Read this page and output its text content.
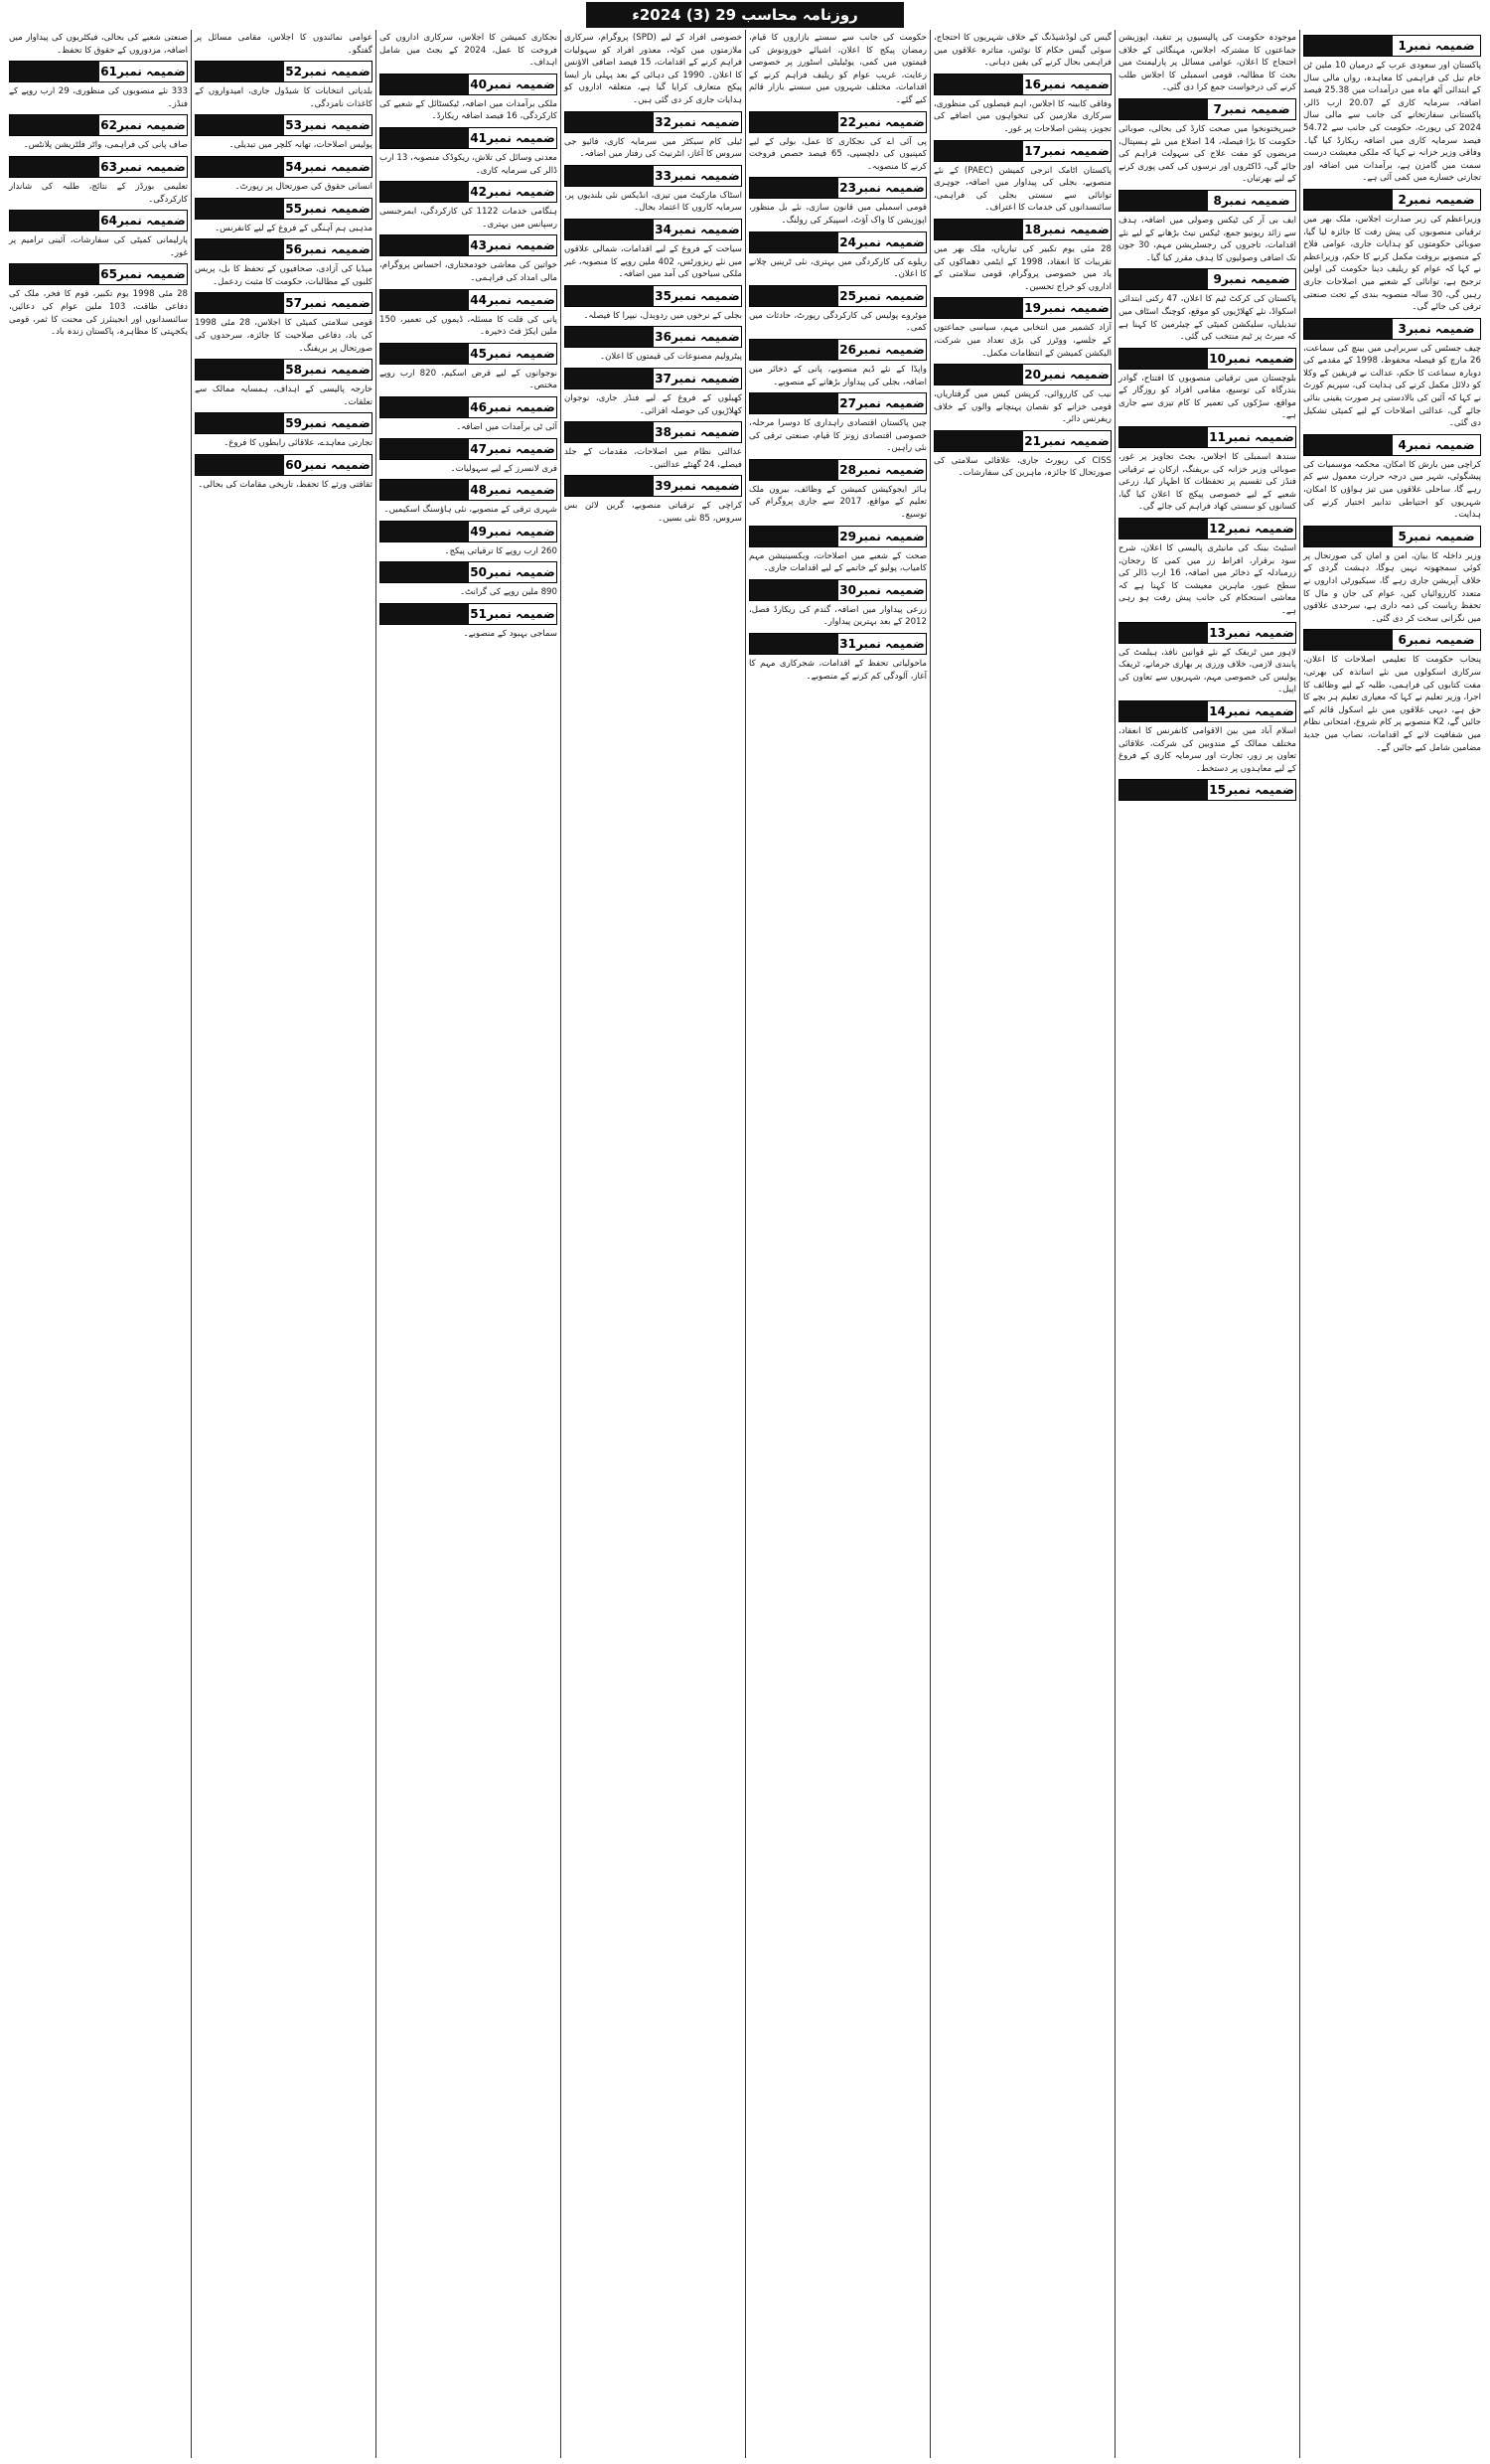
روزنامہ محاسب 29 (3) 2024ء
ضمیمہ نمبر1
پاکستان اور سعودی عرب کے درمیان 10 ملین ٹن خام تیل کی فراہمی کا معاہدہ، رواں مالی سال کے ابتدائی آٹھ ماہ میں درآمدات میں 25.38 فیصد اضافہ، سرمایہ کاری کے 20.07 ارب ڈالر، پاکستانی سفارتخانے کی جانب سے مالی سال 2024 کی رپورٹ، حکومت کی جانب سے 54.72 فیصد سرمایہ کاری میں اضافہ ریکارڈ کیا گیا۔ وفاقی وزیر خزانہ نے کہا کہ ملکی معیشت درست سمت میں گامزن ہے، برآمدات میں اضافہ اور تجارتی خسارے میں کمی آئی ہے۔
ضمیمہ نمبر2
وزیراعظم کی زیر صدارت اجلاس، ملک بھر میں ترقیاتی منصوبوں کی پیش رفت کا جائزہ لیا گیا، صوبائی حکومتوں کو ہدایات جاری، عوامی فلاح کے منصوبے بروقت مکمل کرنے کا حکم، وزیراعظم نے کہا کہ عوام کو ریلیف دینا حکومت کی اولین ترجیح ہے، توانائی کے شعبے میں اصلاحات جاری رہیں گی، 30 سالہ منصوبہ بندی کے تحت صنعتی ترقی کی جائے گی۔
ضمیمہ نمبر3
چیف جسٹس کی سربراہی میں بینچ کی سماعت، 26 مارچ کو فیصلہ محفوظ، 1998 کے مقدمے کی دوبارہ سماعت کا حکم، عدالت نے فریقین کے وکلا کو دلائل مکمل کرنے کی ہدایت کی، سپریم کورٹ نے کہا کہ آئین کی بالادستی ہر صورت یقینی بنائی جائے گی، عدالتی اصلاحات کے لیے کمیٹی تشکیل دی گئی۔
ضمیمہ نمبر4
کراچی میں بارش کا امکان، محکمہ موسمیات کی پیشگوئی، شہر میں درجہ حرارت معمول سے کم رہے گا، ساحلی علاقوں میں تیز ہواؤں کا امکان، شہریوں کو احتیاطی تدابیر اختیار کرنے کی ہدایت۔
ضمیمہ نمبر5
وزیر داخلہ کا بیان، امن و امان کی صورتحال پر کوئی سمجھوتہ نہیں ہوگا، دہشت گردی کے خلاف آپریشن جاری رہے گا، سیکیورٹی اداروں نے متعدد کارروائیاں کیں، عوام کی جان و مال کا تحفظ ریاست کی ذمہ داری ہے، سرحدی علاقوں میں نگرانی سخت کر دی گئی۔
ضمیمہ نمبر6
پنجاب حکومت کا تعلیمی اصلاحات کا اعلان، سرکاری اسکولوں میں نئے اساتذہ کی بھرتی، مفت کتابوں کی فراہمی، طلبہ کے لیے وظائف کا اجرا، وزیر تعلیم نے کہا کہ معیاری تعلیم ہر بچے کا حق ہے، دیہی علاقوں میں نئے اسکول قائم کیے جائیں گے، K2 منصوبے پر کام شروع، امتحانی نظام میں شفافیت لانے کے اقدامات، نصاب میں جدید مضامین شامل کیے جائیں گے۔
موجودہ حکومت کی پالیسیوں پر تنقید، اپوزیشن جماعتوں کا مشترکہ اجلاس، مہنگائی کے خلاف احتجاج کا اعلان، عوامی مسائل پر پارلیمنٹ میں بحث کا مطالبہ، قومی اسمبلی کا اجلاس طلب کرنے کی درخواست جمع کرا دی گئی۔
ضمیمہ نمبر7
خیبرپختونخوا میں صحت کارڈ کی بحالی، صوبائی حکومت کا بڑا فیصلہ، 14 اضلاع میں نئے ہسپتال، مریضوں کو مفت علاج کی سہولت فراہم کی جائے گی، ڈاکٹروں اور نرسوں کی کمی پوری کرنے کے لیے بھرتیاں۔
ضمیمہ نمبر8
ایف بی آر کی ٹیکس وصولی میں اضافہ، ہدف سے زائد ریونیو جمع، ٹیکس نیٹ بڑھانے کے لیے نئے اقدامات، تاجروں کی رجسٹریشن مہم، 30 جون تک اضافی وصولیوں کا ہدف مقرر کیا گیا۔
ضمیمہ نمبر9
پاکستان کی کرکٹ ٹیم کا اعلان، 47 رکنی ابتدائی اسکواڈ، نئے کھلاڑیوں کو موقع، کوچنگ اسٹاف میں تبدیلیاں، سلیکشن کمیٹی کے چیئرمین کا کہنا ہے کہ میرٹ پر ٹیم منتخب کی گئی۔
ضمیمہ نمبر10
بلوچستان میں ترقیاتی منصوبوں کا افتتاح، گوادر بندرگاہ کی توسیع، مقامی افراد کو روزگار کے مواقع، سڑکوں کی تعمیر کا کام تیزی سے جاری ہے۔
ضمیمہ نمبر11
سندھ اسمبلی کا اجلاس، بجٹ تجاویز پر غور، صوبائی وزیر خزانہ کی بریفنگ، ارکان نے ترقیاتی فنڈز کی تقسیم پر تحفظات کا اظہار کیا، زرعی شعبے کے لیے خصوصی پیکج کا اعلان کیا گیا، کسانوں کو سستی کھاد فراہم کی جائے گی۔
ضمیمہ نمبر12
اسٹیٹ بینک کی مانیٹری پالیسی کا اعلان، شرح سود برقرار، افراط زر میں کمی کا رجحان، زرمبادلہ کے ذخائر میں اضافہ، 16 ارب ڈالر کی سطح عبور، ماہرین معیشت کا کہنا ہے کہ معاشی استحکام کی جانب پیش رفت ہو رہی ہے۔
ضمیمہ نمبر13
لاہور میں ٹریفک کے نئے قوانین نافذ، ہیلمٹ کی پابندی لازمی، خلاف ورزی پر بھاری جرمانے، ٹریفک پولیس کی خصوصی مہم، شہریوں سے تعاون کی اپیل۔
ضمیمہ نمبر14
اسلام آباد میں بین الاقوامی کانفرنس کا انعقاد، مختلف ممالک کے مندوبین کی شرکت، علاقائی تعاون پر زور، تجارت اور سرمایہ کاری کے فروغ کے لیے معاہدوں پر دستخط۔
ضمیمہ نمبر15
گیس کی لوڈشیڈنگ کے خلاف شہریوں کا احتجاج، سوئی گیس حکام کا نوٹس، متاثرہ علاقوں میں فراہمی بحال کرنے کی یقین دہانی۔
ضمیمہ نمبر16
وفاقی کابینہ کا اجلاس، اہم فیصلوں کی منظوری، سرکاری ملازمین کی تنخواہوں میں اضافے کی تجویز، پنشن اصلاحات پر غور۔
ضمیمہ نمبر17
پاکستان اٹامک انرجی کمیشن (PAEC) کے نئے منصوبے، بجلی کی پیداوار میں اضافہ، جوہری توانائی سے سستی بجلی کی فراہمی، سائنسدانوں کی خدمات کا اعتراف۔
ضمیمہ نمبر18
28 مئی یوم تکبیر کی تیاریاں، ملک بھر میں تقریبات کا انعقاد، 1998 کے ایٹمی دھماکوں کی یاد میں خصوصی پروگرام، قومی سلامتی کے اداروں کو خراج تحسین۔
ضمیمہ نمبر19
آزاد کشمیر میں انتخابی مہم، سیاسی جماعتوں کے جلسے، ووٹرز کی بڑی تعداد میں شرکت، الیکشن کمیشن کے انتظامات مکمل۔
ضمیمہ نمبر20
نیب کی کارروائی، کرپشن کیس میں گرفتاریاں، قومی خزانے کو نقصان پہنچانے والوں کے خلاف ریفرنس دائر۔
ضمیمہ نمبر21
CISS کی رپورٹ جاری، علاقائی سلامتی کی صورتحال کا جائزہ، ماہرین کی سفارشات۔
حکومت کی جانب سے سستے بازاروں کا قیام، رمضان پیکج کا اعلان، اشیائے خورونوش کی قیمتوں میں کمی، یوٹیلیٹی اسٹورز پر خصوصی رعایت، غریب عوام کو ریلیف فراہم کرنے کے اقدامات، مختلف شہروں میں سستے بازار قائم کیے گئے۔
ضمیمہ نمبر22
پی آئی اے کی نجکاری کا عمل، بولی کے لیے کمپنیوں کی دلچسپی، 65 فیصد حصص فروخت کرنے کا منصوبہ۔
ضمیمہ نمبر23
قومی اسمبلی میں قانون سازی، نئے بل منظور، اپوزیشن کا واک آؤٹ، اسپیکر کی رولنگ۔
ضمیمہ نمبر24
ریلوے کی کارکردگی میں بہتری، نئی ٹرینیں چلانے کا اعلان۔
ضمیمہ نمبر25
موٹروے پولیس کی کارکردگی رپورٹ، حادثات میں کمی۔
ضمیمہ نمبر26
واپڈا کے نئے ڈیم منصوبے، پانی کے ذخائر میں اضافہ، بجلی کی پیداوار بڑھانے کے منصوبے۔
ضمیمہ نمبر27
چین پاکستان اقتصادی راہداری کا دوسرا مرحلہ، خصوصی اقتصادی زونز کا قیام، صنعتی ترقی کی نئی راہیں۔
ضمیمہ نمبر28
ہائر ایجوکیشن کمیشن کے وظائف، بیرون ملک تعلیم کے مواقع، 2017 سے جاری پروگرام کی توسیع۔
ضمیمہ نمبر29
صحت کے شعبے میں اصلاحات، ویکسینیشن مہم کامیاب، پولیو کے خاتمے کے لیے اقدامات جاری۔
ضمیمہ نمبر30
زرعی پیداوار میں اضافہ، گندم کی ریکارڈ فصل، 2012 کے بعد بہترین پیداوار۔
ضمیمہ نمبر31
ماحولیاتی تحفظ کے اقدامات، شجرکاری مہم کا آغاز، آلودگی کم کرنے کے منصوبے۔
خصوصی افراد کے لیے (SPD) پروگرام، سرکاری ملازمتوں میں کوٹہ، معذور افراد کو سہولیات فراہم کرنے کے اقدامات، 15 فیصد اضافی الاؤنس کا اعلان۔ 1990 کی دہائی کے بعد پہلی بار ایسا پیکج متعارف کرایا گیا ہے، متعلقہ اداروں کو ہدایات جاری کر دی گئی ہیں۔
ضمیمہ نمبر32
ٹیلی کام سیکٹر میں سرمایہ کاری، فائیو جی سروس کا آغاز، انٹرنیٹ کی رفتار میں اضافہ۔
ضمیمہ نمبر33
اسٹاک مارکیٹ میں تیزی، انڈیکس نئی بلندیوں پر، سرمایہ کاروں کا اعتماد بحال۔
ضمیمہ نمبر34
سیاحت کے فروغ کے لیے اقدامات، شمالی علاقوں میں نئے ریزورٹس، 402 ملین روپے کا منصوبہ، غیر ملکی سیاحوں کی آمد میں اضافہ۔
ضمیمہ نمبر35
بجلی کے نرخوں میں ردوبدل، نیپرا کا فیصلہ۔
ضمیمہ نمبر36
پیٹرولیم مصنوعات کی قیمتوں کا اعلان۔
ضمیمہ نمبر37
کھیلوں کے فروغ کے لیے فنڈز جاری، نوجوان کھلاڑیوں کی حوصلہ افزائی۔
ضمیمہ نمبر38
عدالتی نظام میں اصلاحات، مقدمات کے جلد فیصلے، 24 گھنٹے عدالتیں۔
ضمیمہ نمبر39
کراچی کے ترقیاتی منصوبے، گرین لائن بس سروس، 85 نئی بسیں۔
نجکاری کمیشن کا اجلاس، سرکاری اداروں کی فروخت کا عمل، 2024 کے بجٹ میں شامل اہداف۔
ضمیمہ نمبر40
ملکی برآمدات میں اضافہ، ٹیکسٹائل کے شعبے کی کارکردگی، 16 فیصد اضافہ ریکارڈ۔
ضمیمہ نمبر41
معدنی وسائل کی تلاش، ریکوڈک منصوبہ، 13 ارب ڈالر کی سرمایہ کاری۔
ضمیمہ نمبر42
ہنگامی خدمات 1122 کی کارکردگی، ایمرجنسی رسپانس میں بہتری۔
ضمیمہ نمبر43
خواتین کی معاشی خودمختاری، احساس پروگرام، مالی امداد کی فراہمی۔
ضمیمہ نمبر44
پانی کی قلت کا مسئلہ، ڈیموں کی تعمیر، 150 ملین ایکڑ فٹ ذخیرہ۔
ضمیمہ نمبر45
نوجوانوں کے لیے قرض اسکیم، 820 ارب روپے مختص۔
ضمیمہ نمبر46
آئی ٹی برآمدات میں اضافہ۔
ضمیمہ نمبر47
فری لانسرز کے لیے سہولیات۔
ضمیمہ نمبر48
شہری ترقی کے منصوبے، نئی ہاؤسنگ اسکیمیں۔
ضمیمہ نمبر49
260 ارب روپے کا ترقیاتی پیکج۔
ضمیمہ نمبر50
890 ملین روپے کی گرانٹ۔
ضمیمہ نمبر51
سماجی بہبود کے منصوبے۔
عوامی نمائندوں کا اجلاس، مقامی مسائل پر گفتگو۔
ضمیمہ نمبر52
بلدیاتی انتخابات کا شیڈول جاری، امیدواروں کے کاغذات نامزدگی۔
ضمیمہ نمبر53
پولیس اصلاحات، تھانہ کلچر میں تبدیلی۔
ضمیمہ نمبر54
انسانی حقوق کی صورتحال پر رپورٹ۔
ضمیمہ نمبر55
مذہبی ہم آہنگی کے فروغ کے لیے کانفرنس۔
ضمیمہ نمبر56
میڈیا کی آزادی، صحافیوں کے تحفظ کا بل، پریس کلبوں کے مطالبات، حکومت کا مثبت ردعمل۔
ضمیمہ نمبر57
قومی سلامتی کمیٹی کا اجلاس، 28 مئی 1998 کی یاد، دفاعی صلاحیت کا جائزہ، سرحدوں کی صورتحال پر بریفنگ۔
ضمیمہ نمبر58
خارجہ پالیسی کے اہداف، ہمسایہ ممالک سے تعلقات۔
ضمیمہ نمبر59
تجارتی معاہدے، علاقائی رابطوں کا فروغ۔
ضمیمہ نمبر60
ثقافتی ورثے کا تحفظ، تاریخی مقامات کی بحالی۔
صنعتی شعبے کی بحالی، فیکٹریوں کی پیداوار میں اضافہ، مزدوروں کے حقوق کا تحفظ۔
ضمیمہ نمبر61
333 نئے منصوبوں کی منظوری، 29 ارب روپے کے فنڈز۔
ضمیمہ نمبر62
صاف پانی کی فراہمی، واٹر فلٹریشن پلانٹس۔
ضمیمہ نمبر63
تعلیمی بورڈز کے نتائج، طلبہ کی شاندار کارکردگی۔
ضمیمہ نمبر64
پارلیمانی کمیٹی کی سفارشات، آئینی ترامیم پر غور۔
ضمیمہ نمبر65
28 مئی 1998 یوم تکبیر، قوم کا فخر، ملک کی دفاعی طاقت، 103 ملین عوام کی دعائیں، سائنسدانوں اور انجینئرز کی محنت کا ثمر، قومی یکجہتی کا مظاہرہ، پاکستان زندہ باد۔
